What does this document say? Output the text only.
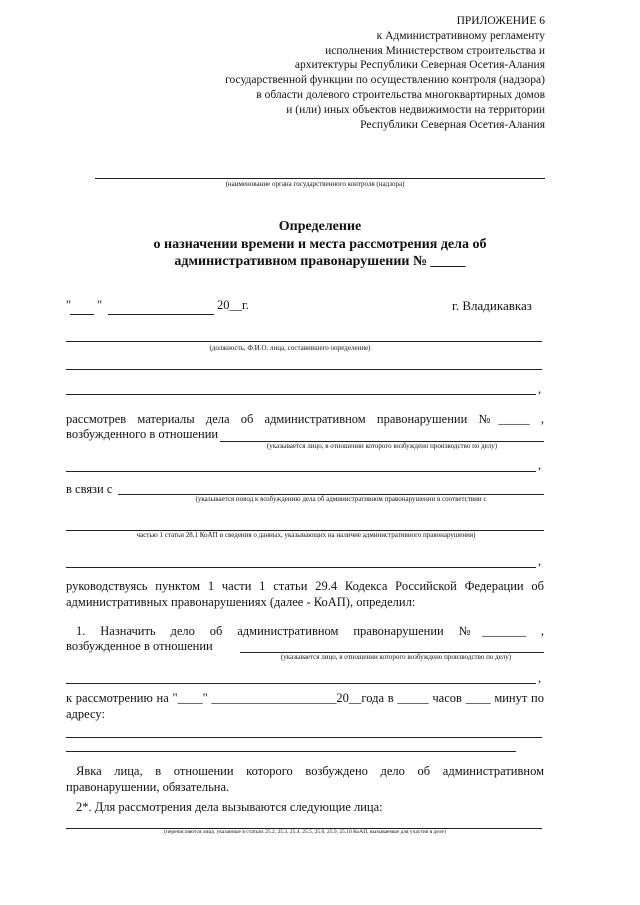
ПРИЛОЖЕНИЕ 6
к Административному регламенту
исполнения Министерством строительства и
архитектуры Республики Северная Осетия-Алания
государственной функции по осуществлению контроля (надзора)
в области долевого строительства многоквартирных домов
и (или) иных объектов недвижимости на территории
Республики Северная Осетия-Алания
(наименование органа государственного контроля (надзора)
Определение
о назначении времени и места рассмотрения дела об
административном правонарушении № _____
" "	20__г.	г. Владикавказ
(должность, Ф.И.О. лица, составившего определение)
,
рассмотрев материалы дела об административном правонарушении №_____ ,
возбужденного в отношении
(указывается лицо, в отношении которого возбуждено производство по делу)
,
в связи с
(указывается повод к возбуждению дела об административном правонарушении в соответствии с
частью 1 статьи 28.1 КоАП и сведения о данных, указывающих на наличие административного правонарушения)
,
руководствуясь пунктом 1 части 1 статьи 29.4 Кодекса Российской Федерации об
административных правонарушениях (далее - КоАП), определил:
1. Назначить дело об административном правонарушении №_______ ,
возбужденное в отношении
(указывается лицо, в отношении которого возбуждено производство по делу)
,
к рассмотрению на "____" ____________________20__года в _____ часов ____ минут по
адресу:
Явка лица, в отношении которого возбуждено дело об административном
правонарушении, обязательна.
2*. Для рассмотрения дела вызываются следующие лица:
(перечисляются лица, указанные в статьях 25.2, 25.3, 25.4, 25.5, 25.6, 25.9, 25.10 КоАП, вызываемые для участия в деле)
